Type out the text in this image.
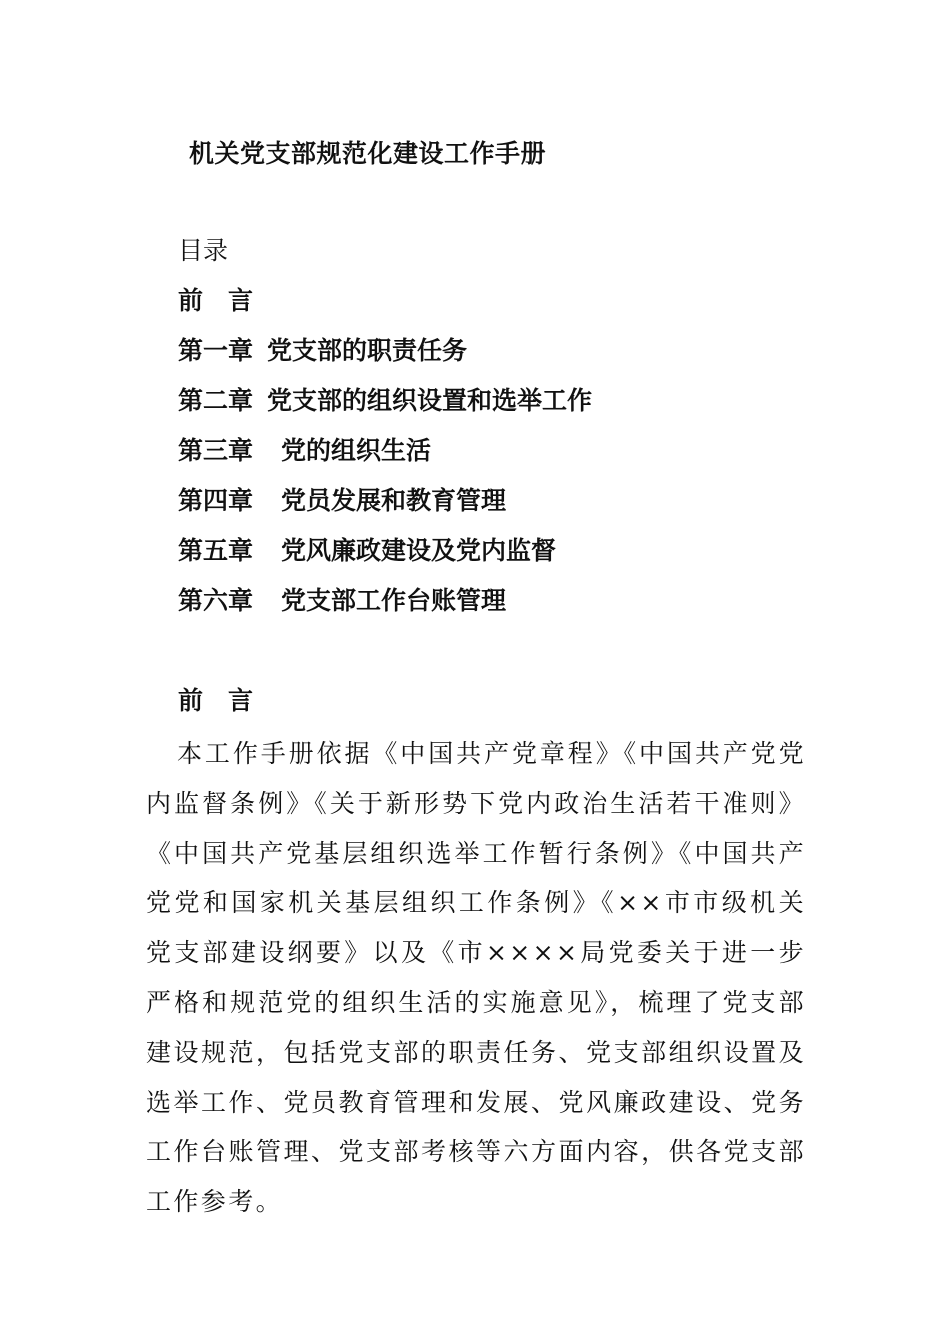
机关党支部规范化建设工作手册
目录
前　言
第一章 党支部的职责任务
第二章 党支部的组织设置和选举工作
第三章 党的组织生活
第四章 党员发展和教育管理
第五章 党风廉政建设及党内监督
第六章 党支部工作台账管理
前　言

本工作手册依据《中国共产党章程》《中国共产党党内监督条例》《关于新形势下党内政治生活若干准则》《中国共产党基层组织选举工作暂行条例》《中国共产党党和国家机关基层组织工作条例》《××市市级机关党支部建设纲要》以及《市××××局党委关于进一步严格和规范党的组织生活的实施意见》，梳理了党支部建设规范，包括党支部的职责任务、党支部组织设置及选举工作、党员教育管理和发展、党风廉政建设、党务工作台账管理、党支部考核等六方面内容，供各党支部工作参考。
